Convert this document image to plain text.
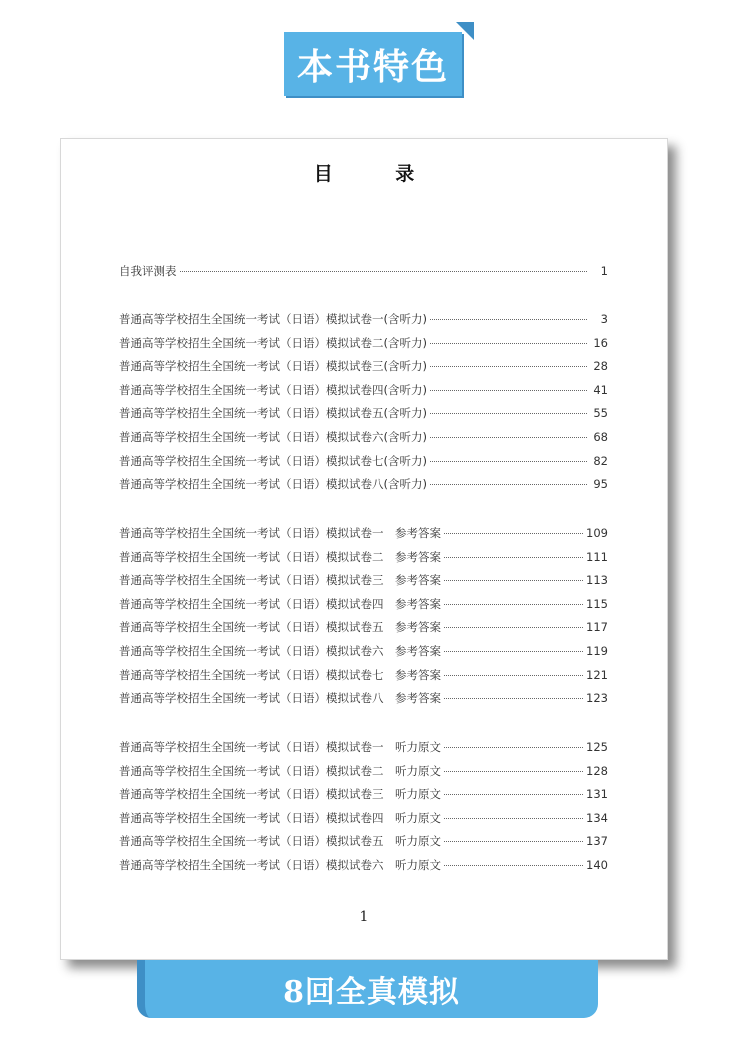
本书特色
目 录
自我评测表	1
普通高等学校招生全国统一考试（日语）模拟试卷一(含听力)	3
普通高等学校招生全国统一考试（日语）模拟试卷二(含听力)	16
普通高等学校招生全国统一考试（日语）模拟试卷三(含听力)	28
普通高等学校招生全国统一考试（日语）模拟试卷四(含听力)	41
普通高等学校招生全国统一考试（日语）模拟试卷五(含听力)	55
普通高等学校招生全国统一考试（日语）模拟试卷六(含听力)	68
普通高等学校招生全国统一考试（日语）模拟试卷七(含听力)	82
普通高等学校招生全国统一考试（日语）模拟试卷八(含听力)	95
普通高等学校招生全国统一考试（日语）模拟试卷一　参考答案	109
普通高等学校招生全国统一考试（日语）模拟试卷二　参考答案	111
普通高等学校招生全国统一考试（日语）模拟试卷三　参考答案	113
普通高等学校招生全国统一考试（日语）模拟试卷四　参考答案	115
普通高等学校招生全国统一考试（日语）模拟试卷五　参考答案	117
普通高等学校招生全国统一考试（日语）模拟试卷六　参考答案	119
普通高等学校招生全国统一考试（日语）模拟试卷七　参考答案	121
普通高等学校招生全国统一考试（日语）模拟试卷八　参考答案	123
普通高等学校招生全国统一考试（日语）模拟试卷一　听力原文	125
普通高等学校招生全国统一考试（日语）模拟试卷二　听力原文	128
普通高等学校招生全国统一考试（日语）模拟试卷三　听力原文	131
普通高等学校招生全国统一考试（日语）模拟试卷四　听力原文	134
普通高等学校招生全国统一考试（日语）模拟试卷五　听力原文	137
普通高等学校招生全国统一考试（日语）模拟试卷六　听力原文	140
1
8回全真模拟
